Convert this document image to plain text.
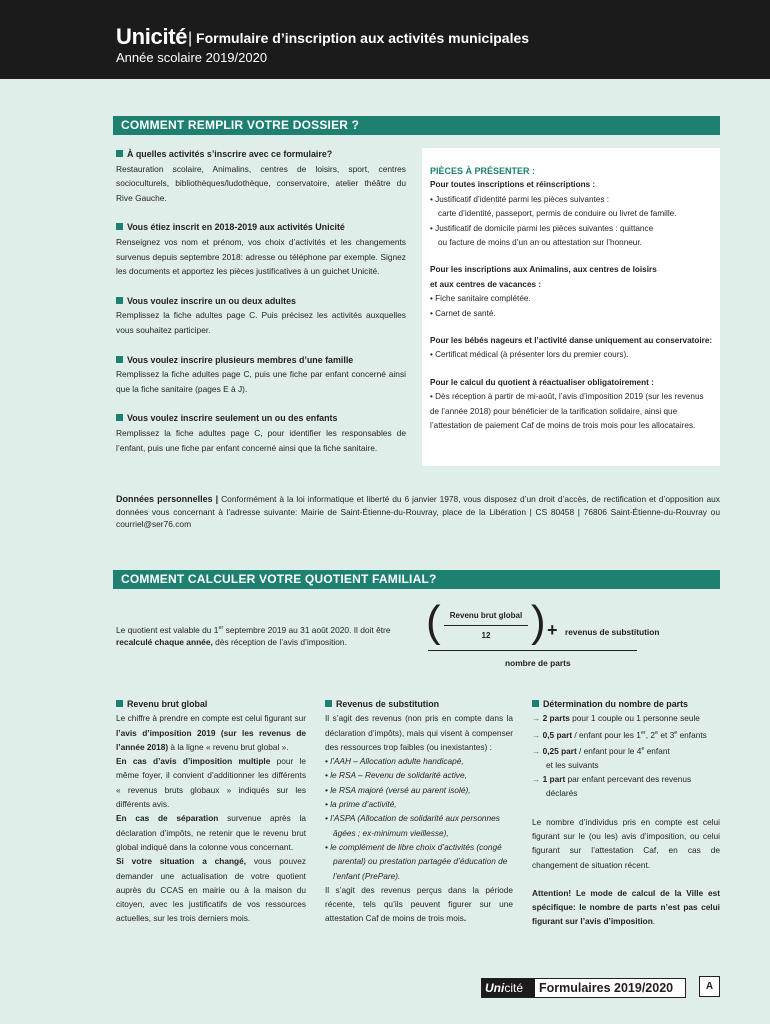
Unicité | Formulaire d’inscription aux activités municipales
Année scolaire 2019/2020
COMMENT REMPLIR VOTRE DOSSIER ?

À quelles activités s’inscrire avec ce formulaire?

Restauration scolaire, Animalins, centres de loisirs, sport, centres socioculturels, bibliothèques/ludothèque, conservatoire, atelier théâtre du Rive Gauche.

Vous étiez inscrit en 2018-2019 aux activités Unicité

Renseignez vos nom et prénom, vos choix d’activités et les changements survenus depuis septembre 2018: adresse ou téléphone par exemple. Signez les documents et apportez les pièces justificatives à un guichet Unicité.

Vous voulez inscrire un ou deux adultes

Remplissez la fiche adultes page C. Puis précisez les activités auxquelles vous souhaitez participer.

Vous voulez inscrire plusieurs membres d’une famille

Remplissez la fiche adultes page C, puis une fiche par enfant concerné ainsi que la fiche sanitaire (pages E à J).

Vous voulez inscrire seulement un ou des enfants

Remplissez la fiche adultes page C, pour identifier les responsables de l’enfant, puis une fiche par enfant concerné ainsi que la fiche sanitaire.

PIÈCES À PRÉSENTER :
Pour toutes inscriptions et réinscriptions :
• Justificatif d’identité parmi les pièces suivantes :
carte d’identité, passeport, permis de conduire ou livret de famille.
• Justificatif de domicile parmi les pièces suivantes : quittance
ou facture de moins d’un an ou attestation sur l’honneur.
Pour les inscriptions aux Animalins, aux centres de loisirs
et aux centres de vacances :
• Fiche sanitaire complétée.
• Carnet de santé.
Pour les bébés nageurs et l’activité danse uniquement au conservatoire:
• Certificat médical (à présenter lors du premier cours).
Pour le calcul du quotient à réactualiser obligatoirement :
• Dès réception à partir de mi-août, l’avis d’imposition 2019 (sur les revenus de l’année 2018) pour bénéficier de la tarification solidaire, ainsi que l’attestation de paiement Caf de moins de trois mois pour les allocataires.
Données personnelles | Conformément à la loi informatique et liberté du 6 janvier 1978, vous disposez d’un droit d’accès, de rectification et d’opposition aux données vous concernant à l’adresse suivante: Mairie de Saint-Étienne-du-Rouvray, place de la Libération | CS 80458 | 76806 Saint-Étienne-du-Rouvray ou courriel@ser76.com
COMMENT CALCULER VOTRE QUOTIENT FAMILIAL?
Le quotient est valable du 1er septembre 2019 au 31 août 2020. Il doit être recalculé chaque année, dès réception de l’avis d’imposition.	(	Revenu brut global
12 ) + revenus de substitution
nombre de parts

Revenu brut global

Le chiffre à prendre en compte est celui figurant sur l’avis d’imposition 2019 (sur les revenus de l’année 2018) à la ligne « revenu brut global ».

En cas d’avis d’imposition multiple pour le même foyer, il convient d’additionner les différents « revenus bruts globaux » indiqués sur les différents avis.

En cas de séparation survenue après la déclaration d’impôts, ne retenir que le revenu brut global indiqué dans la colonne vous concernant.

Si votre situation a changé, vous pouvez demander une actualisation de votre quotient auprès du CCAS en mairie ou à la maison du citoyen, avec les justificatifs de vos ressources actuelles, sur les trois derniers mois.

Revenus de substitution

Il s’agit des revenus (non pris en compte dans la déclaration d’impôts), mais qui visent à compenser des ressources trop faibles (ou inexistantes) :

• l’AAH – Allocation adulte handicapé,
• le RSA – Revenu de solidarité active,
• le RSA majoré (versé au parent isolé),
• la prime d’activité,
• l’ASPA (Allocation de solidarité aux personnes âgées ; ex-minimum vieillesse),
• le complément de libre choix d’activités (congé parental) ou prestation partagée d’éducation de l’enfant (PrePare).

Il s’agit des revenus perçus dans la période récente, tels qu’ils peuvent figurer sur une attestation Caf de moins de trois mois.

Détermination du nombre de parts

→ 2 parts pour 1 couple ou 1 personne seule
→ 0,5 part / enfant pour les 1er, 2e et 3e enfants
→ 0,25 part / enfant pour le 4e enfant
et les suivants
→ 1 part par enfant percevant des revenus
déclarés

Le nombre d’individus pris en compte est celui figurant sur le (ou les) avis d’imposition, ou celui figurant sur l’attestation Caf, en cas de changement de situation récent.

Attention! Le mode de calcul de la Ville est spécifique: le nombre de parts n’est pas celui figurant sur l’avis d’imposition.

Unicité	Formulaires 2019/2020	A
